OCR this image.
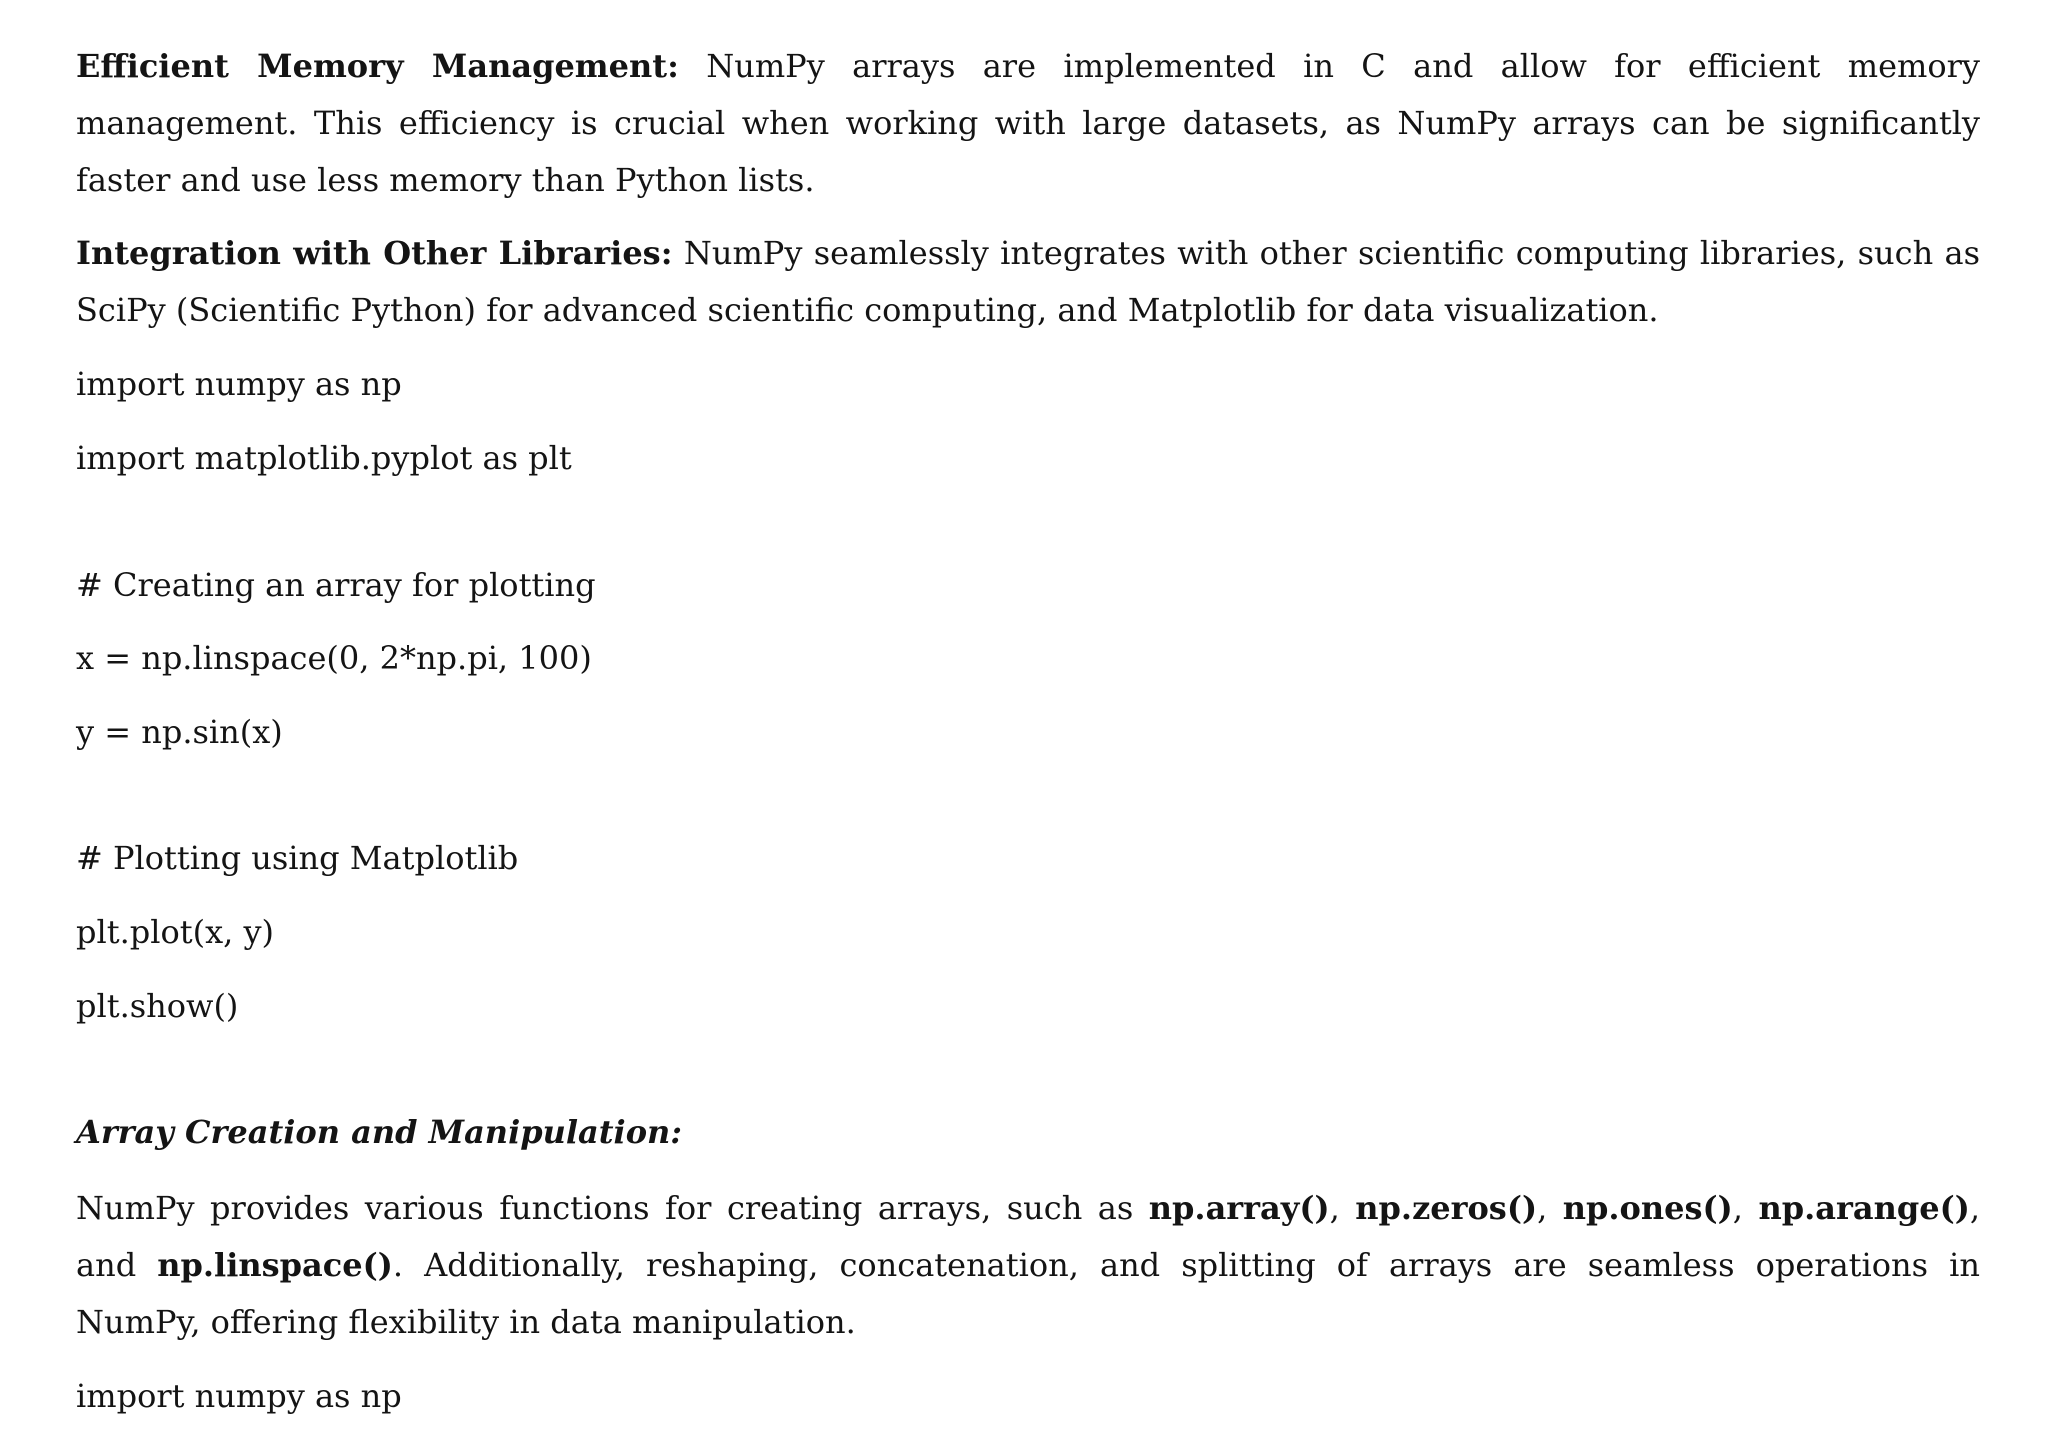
Efficient Memory Management: NumPy arrays are implemented in C and allow for efficient memory management. This efficiency is crucial when working with large datasets, as NumPy arrays can be significantly faster and use less memory than Python lists.

Integration with Other Libraries: NumPy seamlessly integrates with other scientific computing libraries, such as SciPy (Scientific Python) for advanced scientific computing, and Matplotlib for data visualization.

import numpy as np
import matplotlib.pyplot as plt
# Creating an array for plotting
x = np.linspace(0, 2*np.pi, 100)
y = np.sin(x)
# Plotting using Matplotlib
plt.plot(x, y)
plt.show()
Array Creation and Manipulation:

NumPy provides various functions for creating arrays, such as np.array(), np.zeros(), np.ones(), np.arange(), and np.linspace(). Additionally, reshaping, concatenation, and splitting of arrays are seamless operations in NumPy, offering flexibility in data manipulation.

import numpy as np
